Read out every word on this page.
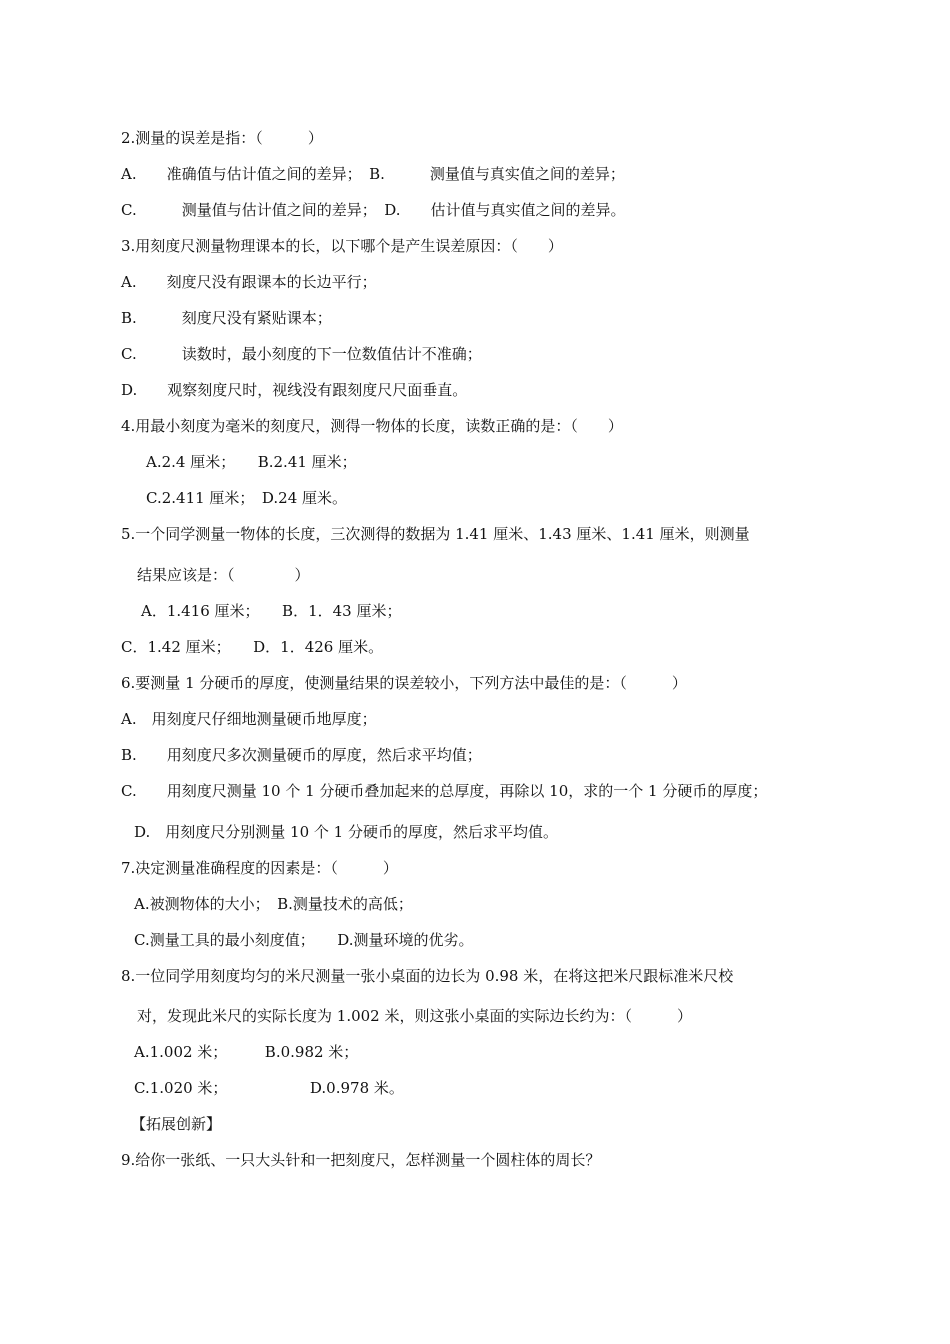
2.测量的误差是指：（　　　）
A.　　准确值与估计值之间的差异；　B.　　　测量值与真实值之间的差异；
C.　　　测量值与估计值之间的差异；　D.　　估计值与真实值之间的差异。
3.用刻度尺测量物理课本的长，以下哪个是产生误差原因：（　　）
A.　　刻度尺没有跟课本的长边平行；
B.　　　刻度尺没有紧贴课本；
C.　　　读数时，最小刻度的下一位数值估计不准确；
D.　　观察刻度尺时，视线没有跟刻度尺尺面垂直。
4.用最小刻度为毫米的刻度尺，测得一物体的长度，读数正确的是：（　　）
A.2.4 厘米；　　B.2.41 厘米；
C.2.411 厘米；　D.24 厘米。
5.一个同学测量一物体的长度，三次测得的数据为 1.41 厘米、1.43 厘米、1.41 厘米，则测量
结果应该是：（　　　　）
A．1.416 厘米；　　B．1．43 厘米；
C．1.42 厘米；　　D．1．426 厘米。
6.要测量 1 分硬币的厚度，使测量结果的误差较小，下列方法中最佳的是：（　　　）
A.　用刻度尺仔细地测量硬币地厚度；
B.　　用刻度尺多次测量硬币的厚度，然后求平均值；
C.　　用刻度尺测量 10 个 1 分硬币叠加起来的总厚度，再除以 10，求的一个 1 分硬币的厚度；
D.　用刻度尺分别测量 10 个 1 分硬币的厚度，然后求平均值。
7.决定测量准确程度的因素是：（　　　）
A.被测物体的大小；　B.测量技术的高低；
C.测量工具的最小刻度值；　　D.测量环境的优劣。
8.一位同学用刻度均匀的米尺测量一张小桌面的边长为 0.98 米，在将这把米尺跟标准米尺校
对，发现此米尺的实际长度为 1.002 米，则这张小桌面的实际边长约为：（　　　）
A.1.002 米；　　　B.0.982 米；
C.1.020 米；　　　　　　D.0.978 米。
【拓展创新】
9.给你一张纸、一只大头针和一把刻度尺，怎样测量一个圆柱体的周长？
